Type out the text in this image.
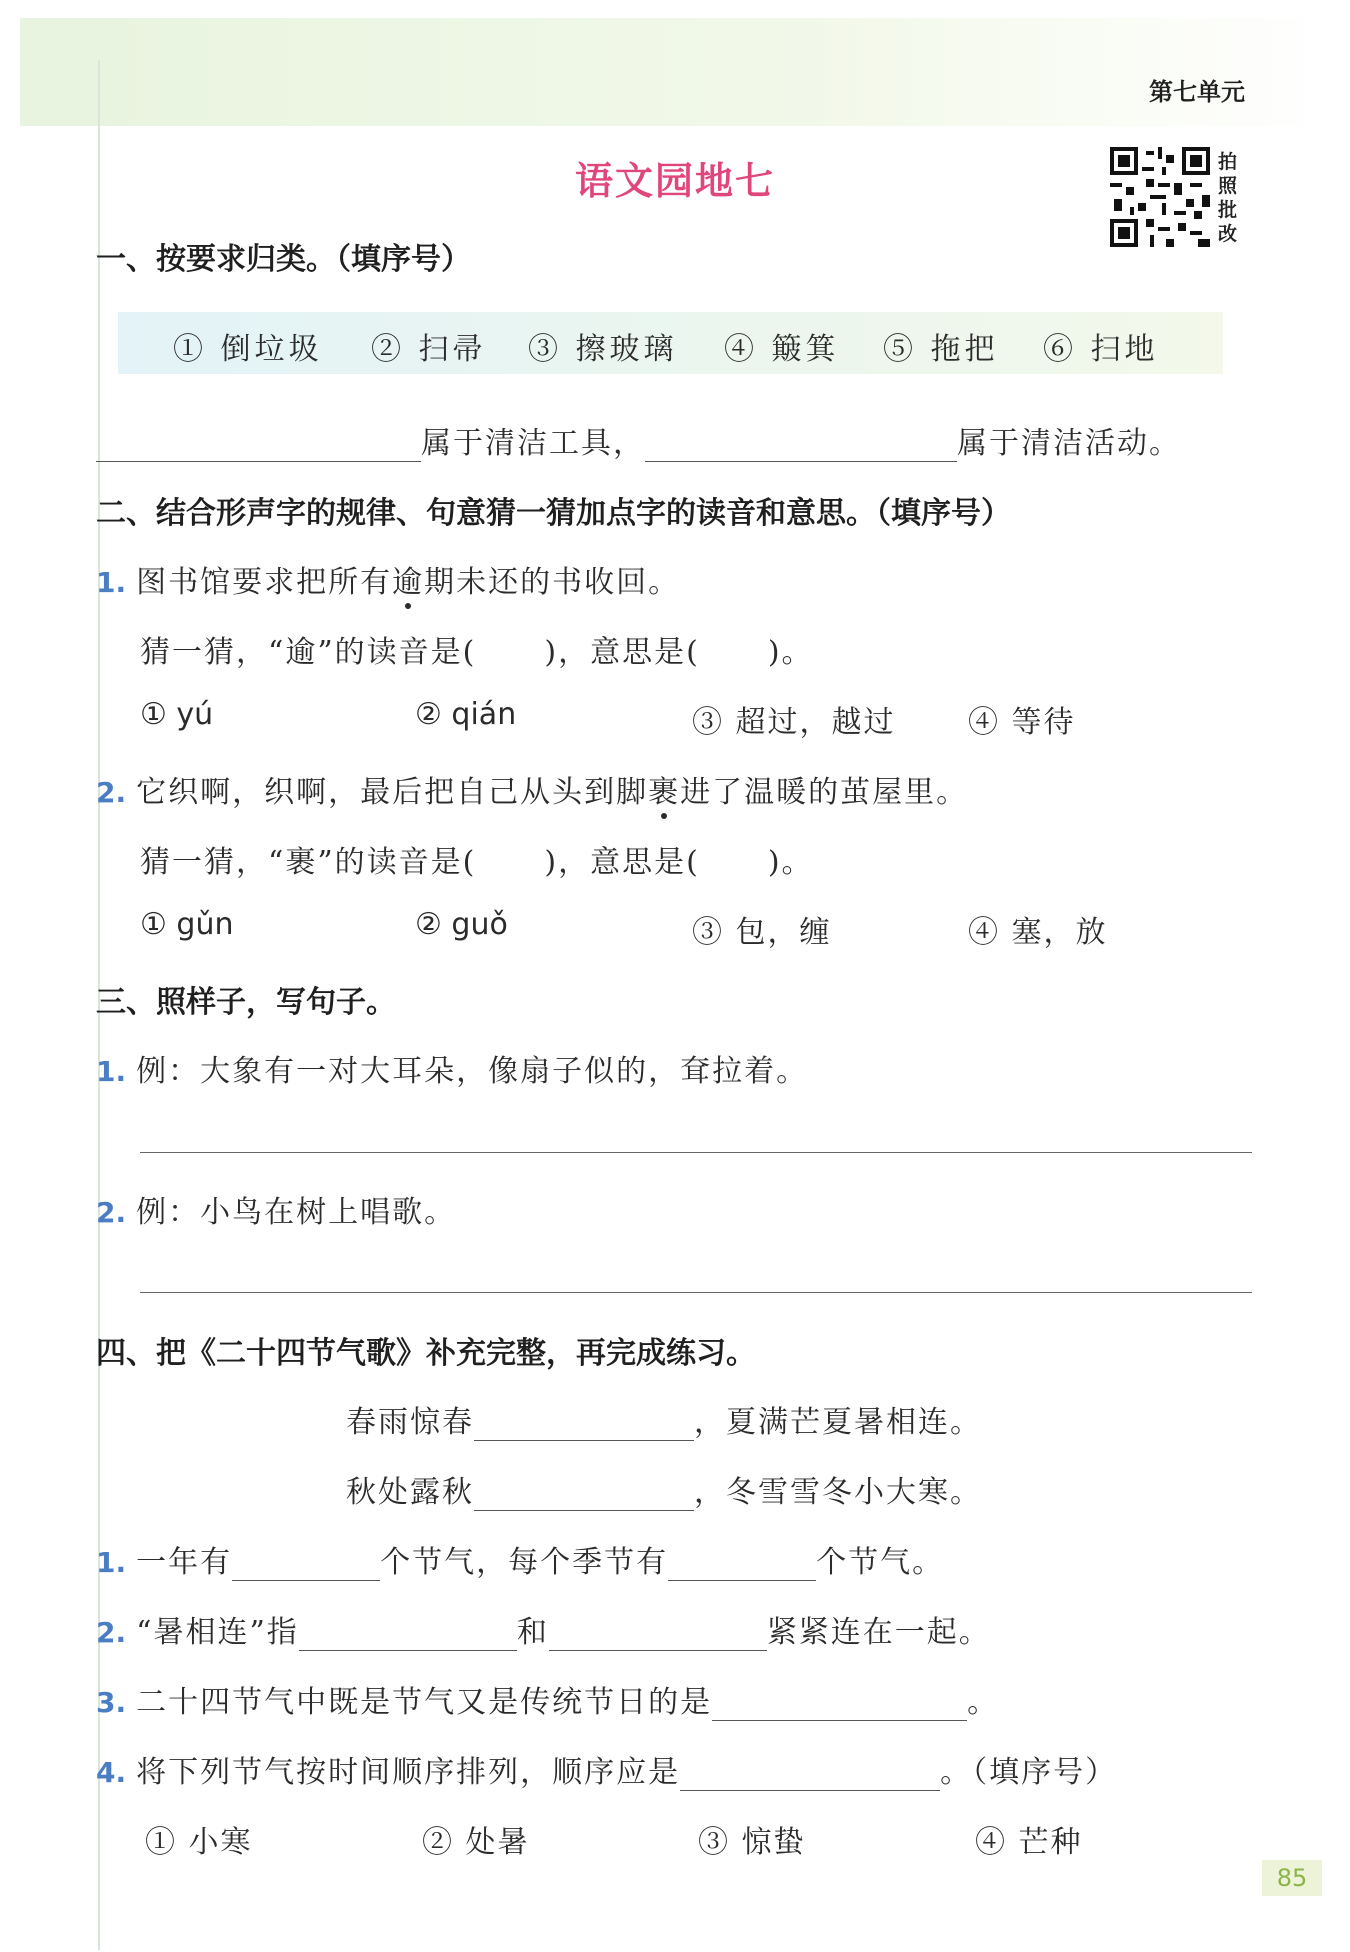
第七单元
语文园地七	拍照批改
一、按要求归类。（填序号）
① 倒垃圾 ② 扫帚 ③ 擦玻璃 ④ 簸箕 ⑤ 拖把 ⑥ 扫地
属于清洁工具，	属于清洁活动。
二、结合形声字的规律、句意猜一猜加点字的读音和意思。（填序号）
1. 图书馆要求把所有逾期未还的书收回。
猜一猜，“逾”的读音是( )，意思是( )。
① yú	② qián	③ 超过，越过 ④ 等待
2. 它织啊，织啊，最后把自己从头到脚裹进了温暖的茧屋里。
猜一猜，“裹”的读音是( )，意思是( )。
① gǔn	② guǒ	③ 包，缠	④ 塞，放
三、照样子，写句子。
1. 例：大象有一对大耳朵，像扇子似的，耷拉着。
2. 例：小鸟在树上唱歌。
四、把《二十四节气歌》补充完整，再完成练习。
春雨惊春	，夏满芒夏暑相连。
秋处露秋	，冬雪雪冬小大寒。
1. 一年有	个节气，每个季节有	个节气。
2. “暑相连”指	和	紧紧连在一起。
3. 二十四节气中既是节气又是传统节日的是	。
4. 将下列节气按时间顺序排列，顺序应是	。（填序号）
① 小寒	② 处暑	③ 惊蛰	④ 芒种
85
